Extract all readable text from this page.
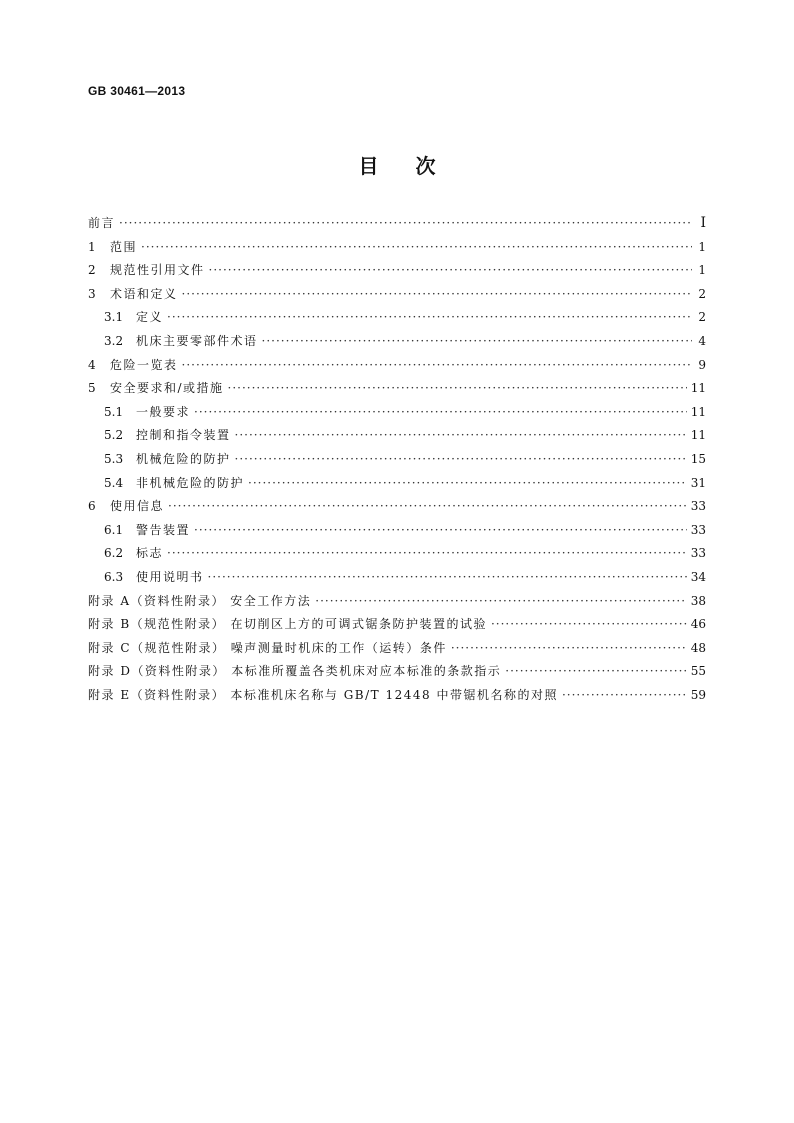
GB 30461—2013
目 次
前言 ·····	I
1	范围 ·····	1
2	规范性引用文件 ·····	1
3	术语和定义 ·····	2
3.1	定义 ·····	2
3.2	机床主要零部件术语 ·····	4
4	危险一览表 ·····	9
5	安全要求和/或措施 ·····	11
5.1	一般要求 ·····	11
5.2	控制和指令装置 ·····	11
5.3	机械危险的防护 ·····	15
5.4	非机械危险的防护 ·····	31
6	使用信息 ·····	33
6.1	警告装置 ·····	33
6.2	标志 ·····	33
6.3	使用说明书 ·····	34
附录 A（资料性附录） 安全工作方法 ·····	38
附录 B（规范性附录） 在切削区上方的可调式锯条防护装置的试验 ·····	46
附录 C（规范性附录） 噪声测量时机床的工作（运转）条件 ·····	48
附录 D（资料性附录） 本标准所覆盖各类机床对应本标准的条款指示 ·····	55
附录 E（资料性附录） 本标准机床名称与 GB/T 12448 中带锯机名称的对照 ·····	59
